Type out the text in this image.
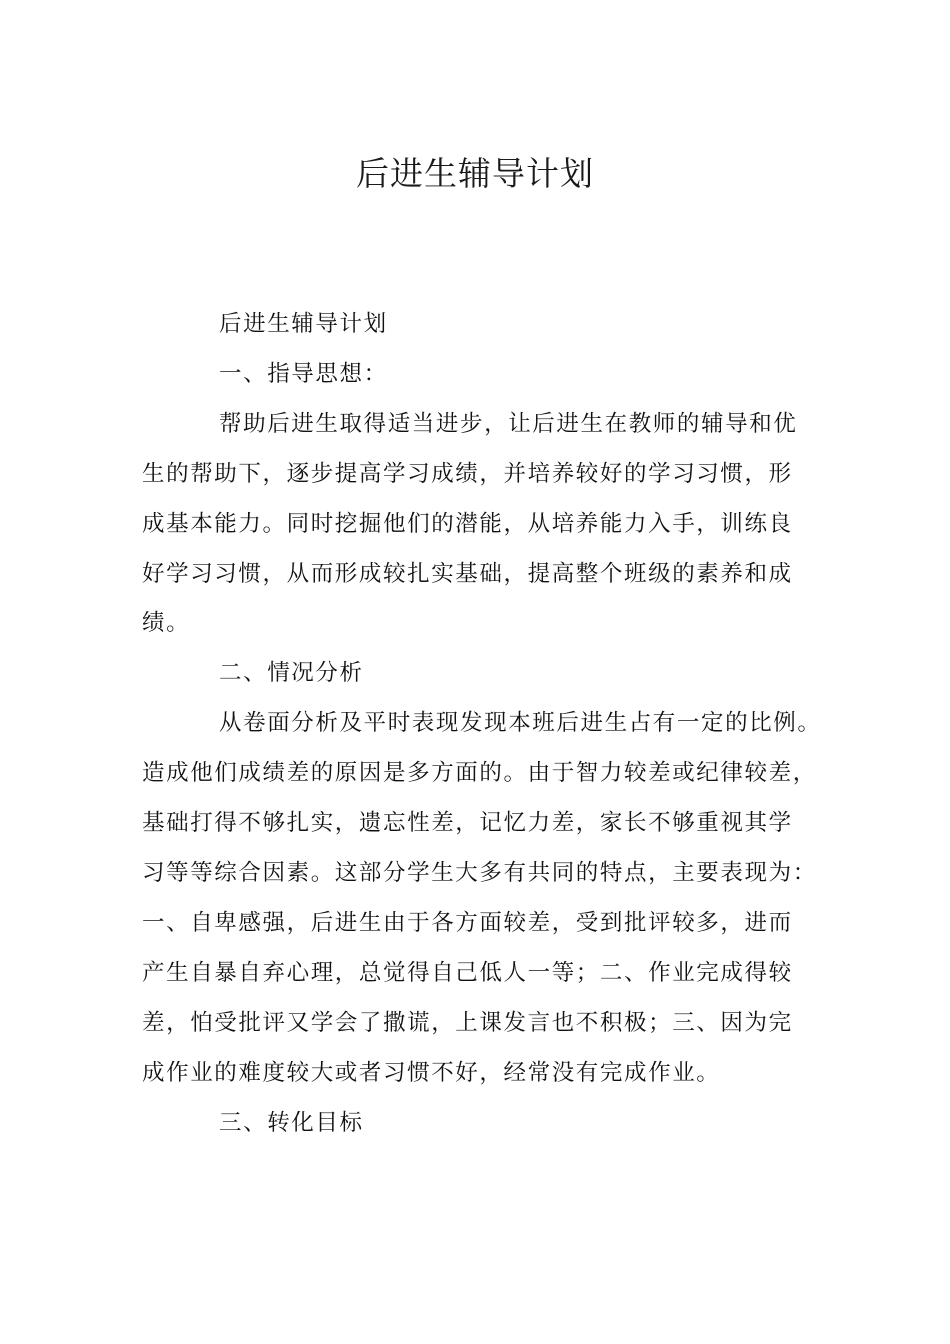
后进生辅导计划
后进生辅导计划
一、指导思想：
帮助后进生取得适当进步，让后进生在教师的辅导和优
生的帮助下，逐步提高学习成绩，并培养较好的学习习惯，形
成基本能力。同时挖掘他们的潜能，从培养能力入手，训练良
好学习习惯，从而形成较扎实基础，提高整个班级的素养和成
绩。
二、情况分析
从卷面分析及平时表现发现本班后进生占有一定的比例。
造成他们成绩差的原因是多方面的。由于智力较差或纪律较差，
基础打得不够扎实，遗忘性差，记忆力差，家长不够重视其学
习等等综合因素。这部分学生大多有共同的特点，主要表现为：
一、自卑感强，后进生由于各方面较差，受到批评较多，进而
产生自暴自弃心理，总觉得自己低人一等；二、作业完成得较
差，怕受批评又学会了撒谎，上课发言也不积极；三、因为完
成作业的难度较大或者习惯不好，经常没有完成作业。
三、转化目标
